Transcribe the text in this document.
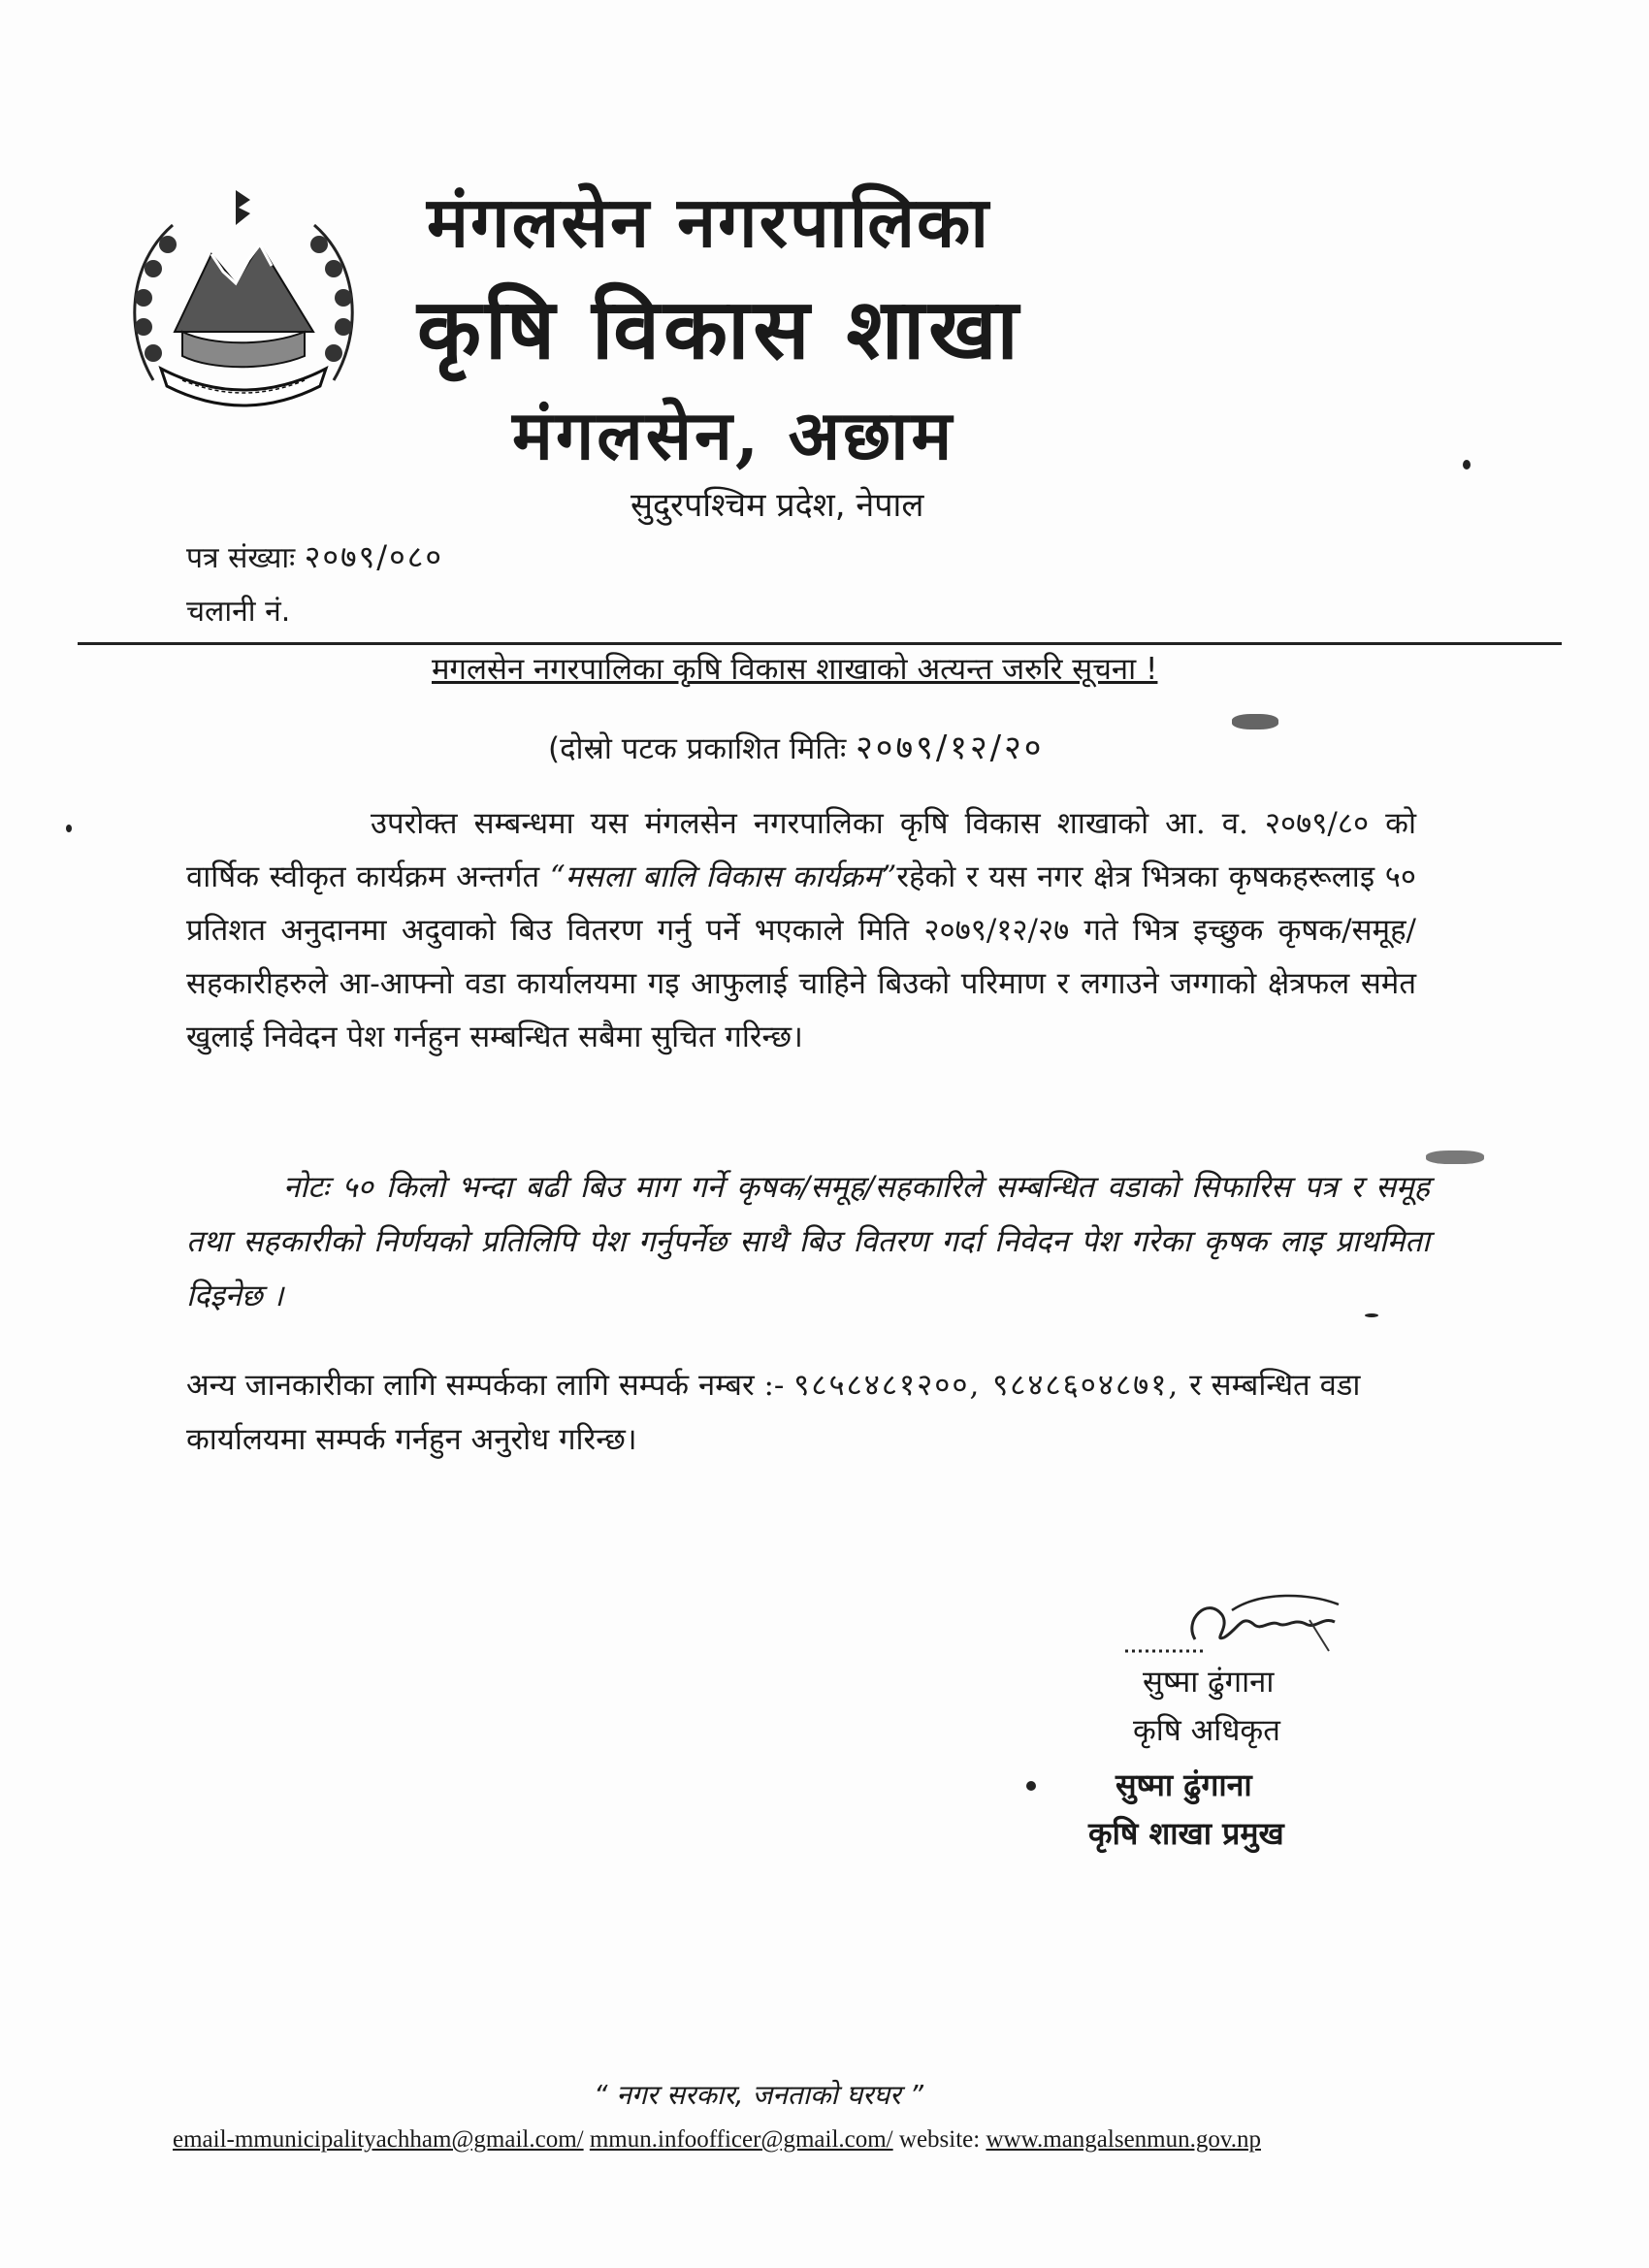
मंगलसेन नगरपालिका
कृषि विकास शाखा
मंगलसेन, अछाम
सुदुरपश्चिम प्रदेश, नेपाल
पत्र संख्याः २०७९/०८०
चलानी नं.
मगलसेन नगरपालिका कृषि विकास शाखाको अत्यन्त जरुरि सूचना !
(दोस्रो पटक प्रकाशित मितिः २०७९/१२/२०
उपरोक्त सम्बन्धमा यस मंगलसेन नगरपालिका कृषि विकास शाखाको आ. व. २०७९/८० को वार्षिक स्वीकृत कार्यक्रम अन्तर्गत “मसला बालि विकास कार्यक्रम”रहेको र यस नगर क्षेत्र भित्रका कृषकहरूलाइ ५० प्रतिशत अनुदानमा अदुवाको बिउ वितरण गर्नु पर्ने भएकाले मिति २०७९/१२/२७ गते भित्र इच्छुक कृषक/समूह/सहकारीहरुले आ-आफ्नो वडा कार्यालयमा गइ आफुलाई चाहिने बिउको परिमाण र लगाउने जग्गाको क्षेत्रफल समेत खुलाई निवेदन पेश गर्नहुन सम्बन्धित सबैमा सुचित गरिन्छ।
नोटः ५० किलो भन्दा बढी बिउ माग गर्ने कृषक/समूह/सहकारिले सम्बन्धित वडाको सिफारिस पत्र र समूह तथा सहकारीको निर्णयको प्रतिलिपि पेश गर्नुपर्नेछ साथै बिउ वितरण गर्दा निवेदन पेश गरेका कृषक लाइ प्राथमिता दिइनेछ ।
अन्य जानकारीका लागि सम्पर्कका लागि सम्पर्क नम्बर :- ९८५८४८१२००, ९८४८६०४८७१, र सम्बन्धित वडा कार्यालयमा सम्पर्क गर्नहुन अनुरोध गरिन्छ।
सुष्मा ढुंगाना
कृषि अधिकृत
सुष्मा ढुंगाना
कृषि शाखा प्रमुख
“ नगर सरकार, जनताको घरघर ”
email-mmunicipalityachham@gmail.com/ mmun.infoofficer@gmail.com/ website: www.mangalsenmun.gov.np
